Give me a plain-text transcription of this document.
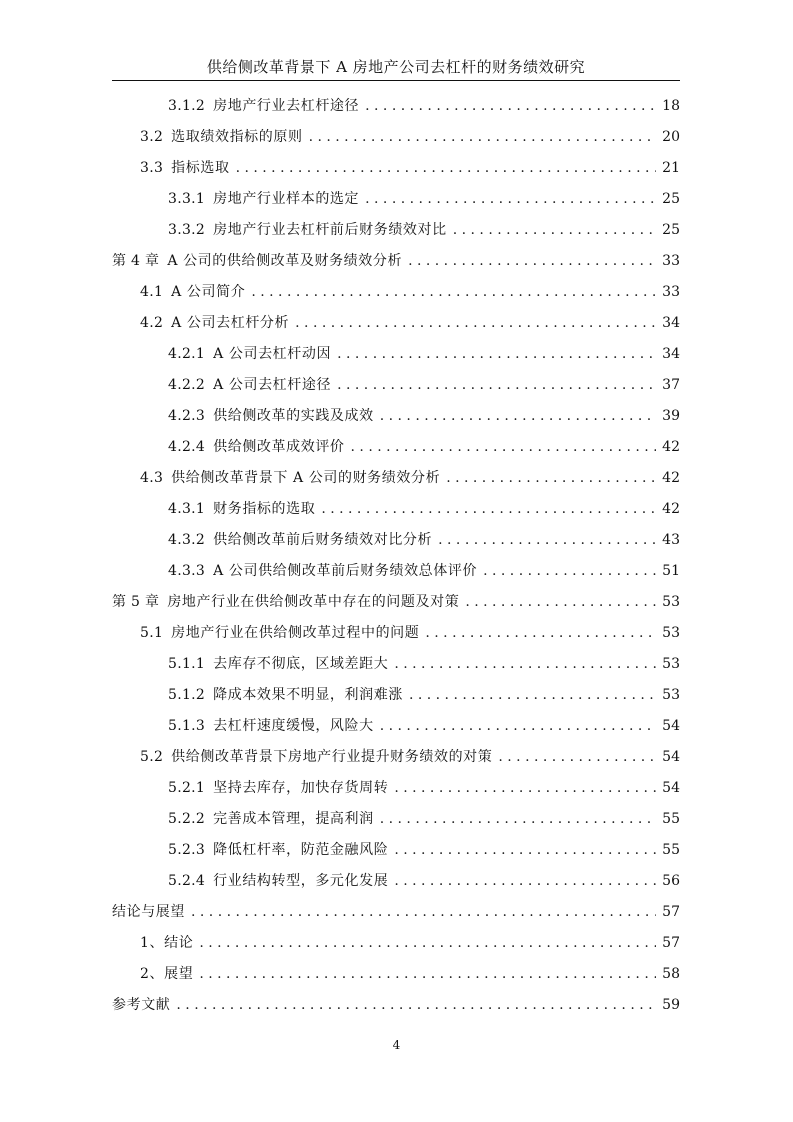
供给侧改革背景下 A 房地产公司去杠杆的财务绩效研究
3.1.2 房地产行业去杠杆途径 . . .	18
3.2 选取绩效指标的原则 . . .	20
3.3 指标选取 . . .	21
3.3.1 房地产行业样本的选定 . . .	25
3.3.2 房地产行业去杠杆前后财务绩效对比 . . .	25
第 4 章 A 公司的供给侧改革及财务绩效分析 . . .	33
4.1 A 公司简介 . . .	33
4.2 A 公司去杠杆分析 . . .	34
4.2.1 A 公司去杠杆动因 . . .	34
4.2.2 A 公司去杠杆途径 . . .	37
4.2.3 供给侧改革的实践及成效 . . .	39
4.2.4 供给侧改革成效评价 . . .	42
4.3 供给侧改革背景下 A 公司的财务绩效分析 . . .	42
4.3.1 财务指标的选取 . . .	42
4.3.2 供给侧改革前后财务绩效对比分析 . . .	43
4.3.3 A 公司供给侧改革前后财务绩效总体评价 . . .	51
第 5 章 房地产行业在供给侧改革中存在的问题及对策 . . .	53
5.1 房地产行业在供给侧改革过程中的问题 . . .	53
5.1.1 去库存不彻底，区域差距大 . . .	53
5.1.2 降成本效果不明显，利润难涨 . . .	53
5.1.3 去杠杆速度缓慢，风险大 . . .	54
5.2 供给侧改革背景下房地产行业提升财务绩效的对策 . . .	54
5.2.1 坚持去库存，加快存货周转 . . .	54
5.2.2 完善成本管理，提高利润 . . .	55
5.2.3 降低杠杆率，防范金融风险 . . .	55
5.2.4 行业结构转型，多元化发展 . . .	56
结论与展望 . . .	57
1、结论 . . .	57
2、展望 . . .	58
参考文献 . . .	59
4
